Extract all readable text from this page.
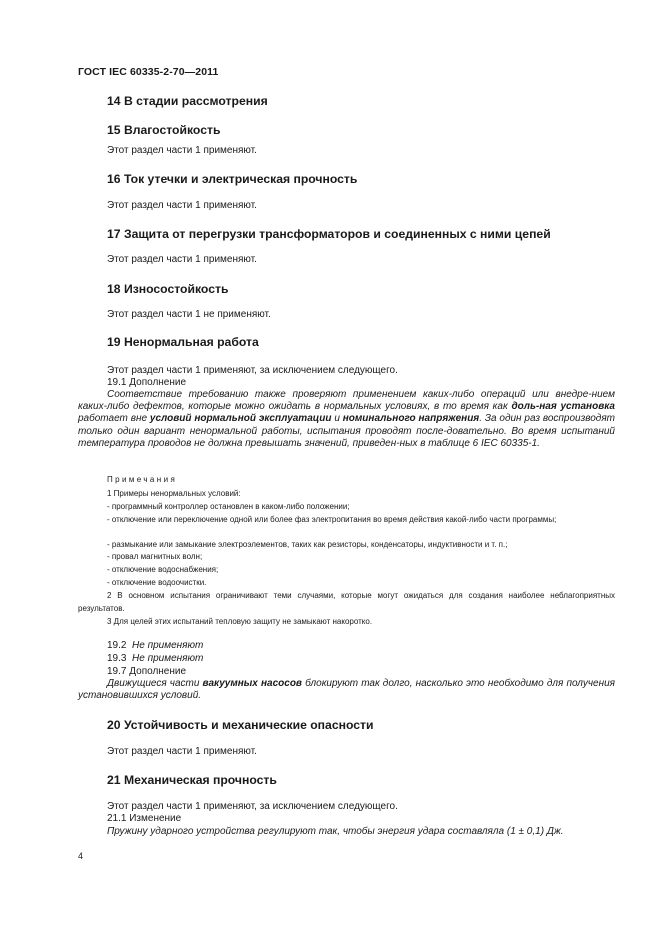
ГОСТ IEC 60335-2-70—2011
14 В стадии рассмотрения
15 Влагостойкость
Этот раздел части 1 применяют.
16 Ток утечки и электрическая прочность
Этот раздел части 1 применяют.
17 Защита от перегрузки трансформаторов и соединенных с ними цепей
Этот раздел части 1 применяют.
18 Износостойкость
Этот раздел части 1 не применяют.
19 Ненормальная работа
Этот раздел части 1 применяют, за исключением следующего.
19.1 Дополнение
Соответствие требованию также проверяют применением каких-либо операций или внедре-нием каких-либо дефектов, которые можно ожидать в нормальных условиях, в то время как доль-ная установка работает вне условий нормальной эксплуатации и номинального напряжения. За один раз воспроизводят только один вариант ненормальной работы, испытания проводят после-довательно. Во время испытаний температура проводов не должна превышать значений, приведен-ных в таблице 6 IEC 60335-1.
Примечания
1 Примеры ненормальных условий:
- программный контроллер остановлен в каком-либо положении;
- отключение или переключение одной или более фаз электропитания во время действия какой-либо части программы;
- размыкание или замыкание электроэлементов, таких как резисторы, конденсаторы, индуктивности и т. п.;
- провал магнитных волн;
- отключение водоснабжения;
- отключение водоочистки.
2 В основном испытания ограничивают теми случаями, которые могут ожидаться для создания наиболее неблагоприятных результатов.
3 Для целей этих испытаний тепловую защиту не замыкают накоротко.
19.2 Не применяют
19.3 Не применяют
19.7 Дополнение
Движущиеся части вакуумных насосов блокируют так долго, насколько это необходимо для получения установившихся условий.
20 Устойчивость и механические опасности
Этот раздел части 1 применяют.
21 Механическая прочность
Этот раздел части 1 применяют, за исключением следующего.
21.1 Изменение
Пружину ударного устройства регулируют так, чтобы энергия удара составляла (1 ± 0,1) Дж.
4
